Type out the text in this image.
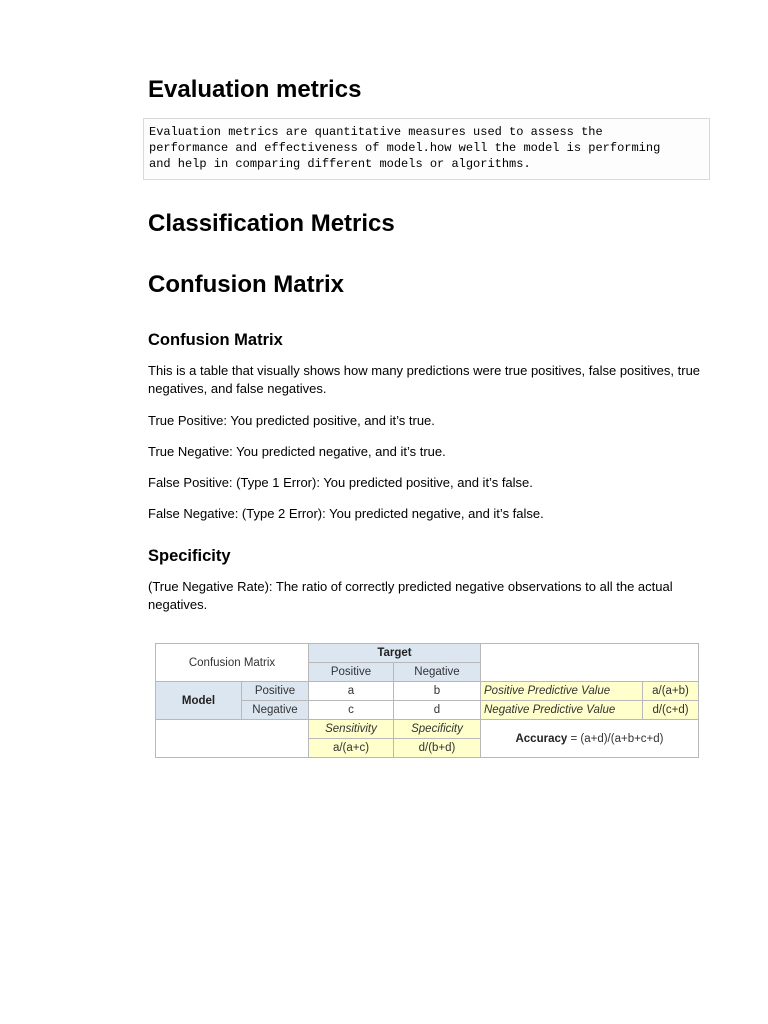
Evaluation metrics
Evaluation metrics are quantitative measures used to assess the
performance and effectiveness of model.how well the model is performing
and help in comparing different models or algorithms.
Classification Metrics
Confusion Matrix
Confusion Matrix

This is a table that visually shows how many predictions were true positives, false positives, true negatives, and false negatives.

True Positive: You predicted positive, and it’s true.

True Negative: You predicted negative, and it’s true.

False Positive: (Type 1 Error): You predicted positive, and it’s false.

False Negative: (Type 2 Error): You predicted negative, and it’s false.

Specificity

(True Negative Rate): The ratio of correctly predicted negative observations to all the actual negatives.

Confusion Matrix		Target			
		Positive	Negative		
Model	Positive	a	b	Positive Predictive Value	a/(a+b)
	Negative	c	d	Negative Predictive Value	d/(c+d)
		Sensitivity	Specificity	Accuracy = (a+d)/(a+b+c+d)	
		a/(a+c)	d/(b+d)		
